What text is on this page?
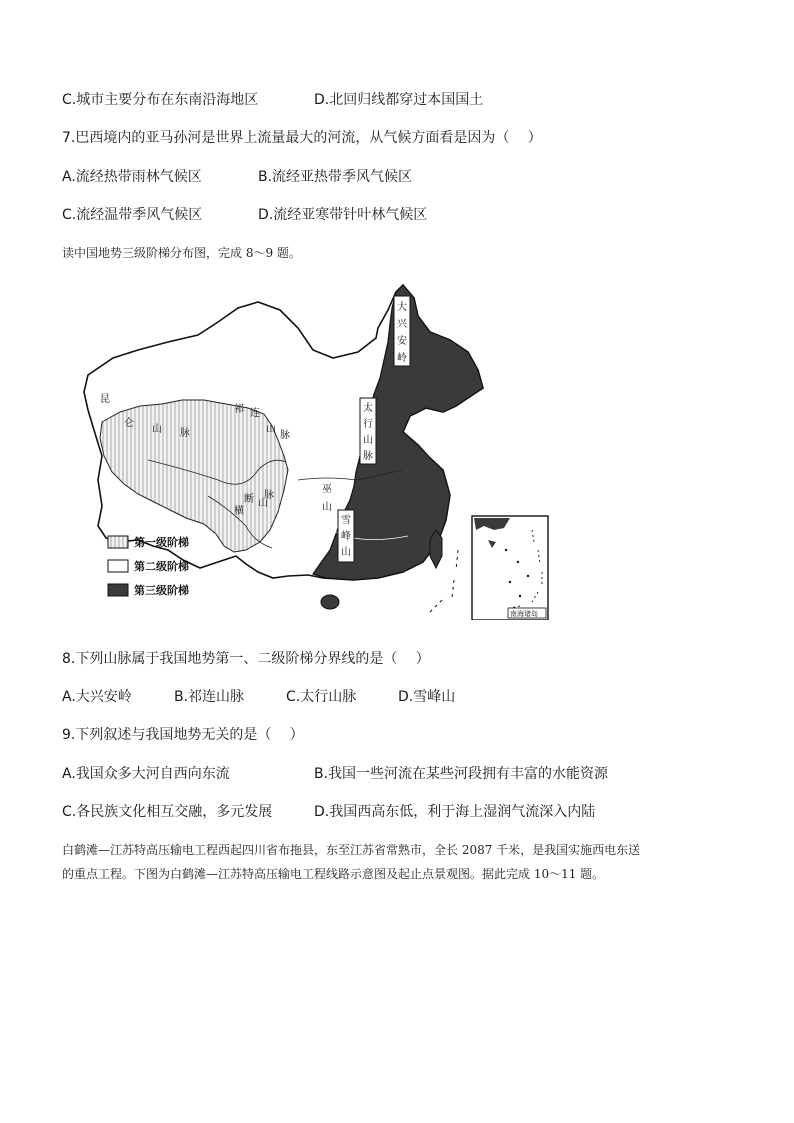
C.城市主要分布在东南沿海地区	D.北回归线都穿过本国国土
7.巴西境内的亚马孙河是世界上流量最大的河流，从气候方面看是因为（　 ）
A.流经热带雨林气候区	B.流经亚热带季风气候区
C.流经温带季风气候区	D.流经亚寒带针叶林气候区
读中国地势三级阶梯分布图，完成 8～9 题。
昆
仑
山 脉
祁 连
山
脉
横
断 山
脉
巫
山
大
兴
安
岭
太
行
山
脉
雪
峰
山
第一级阶梯
第二级阶梯
第三级阶梯
南海诸岛
8.下列山脉属于我国地势第一、二级阶梯分界线的是（　 ）
A.大兴安岭	B.祁连山脉	C.太行山脉	D.雪峰山
9.下列叙述与我国地势无关的是（　 ）
A.我国众多大河自西向东流	B.我国一些河流在某些河段拥有丰富的水能资源
C.各民族文化相互交融，多元发展	D.我国西高东低，利于海上湿润气流深入内陆
白鹤滩—江苏特高压输电工程西起四川省布拖县，东至江苏省常熟市，全长 2087 千米，是我国实施西电东送
的重点工程。下图为白鹤滩—江苏特高压输电工程线路示意图及起止点景观图。据此完成 10～11 题。
